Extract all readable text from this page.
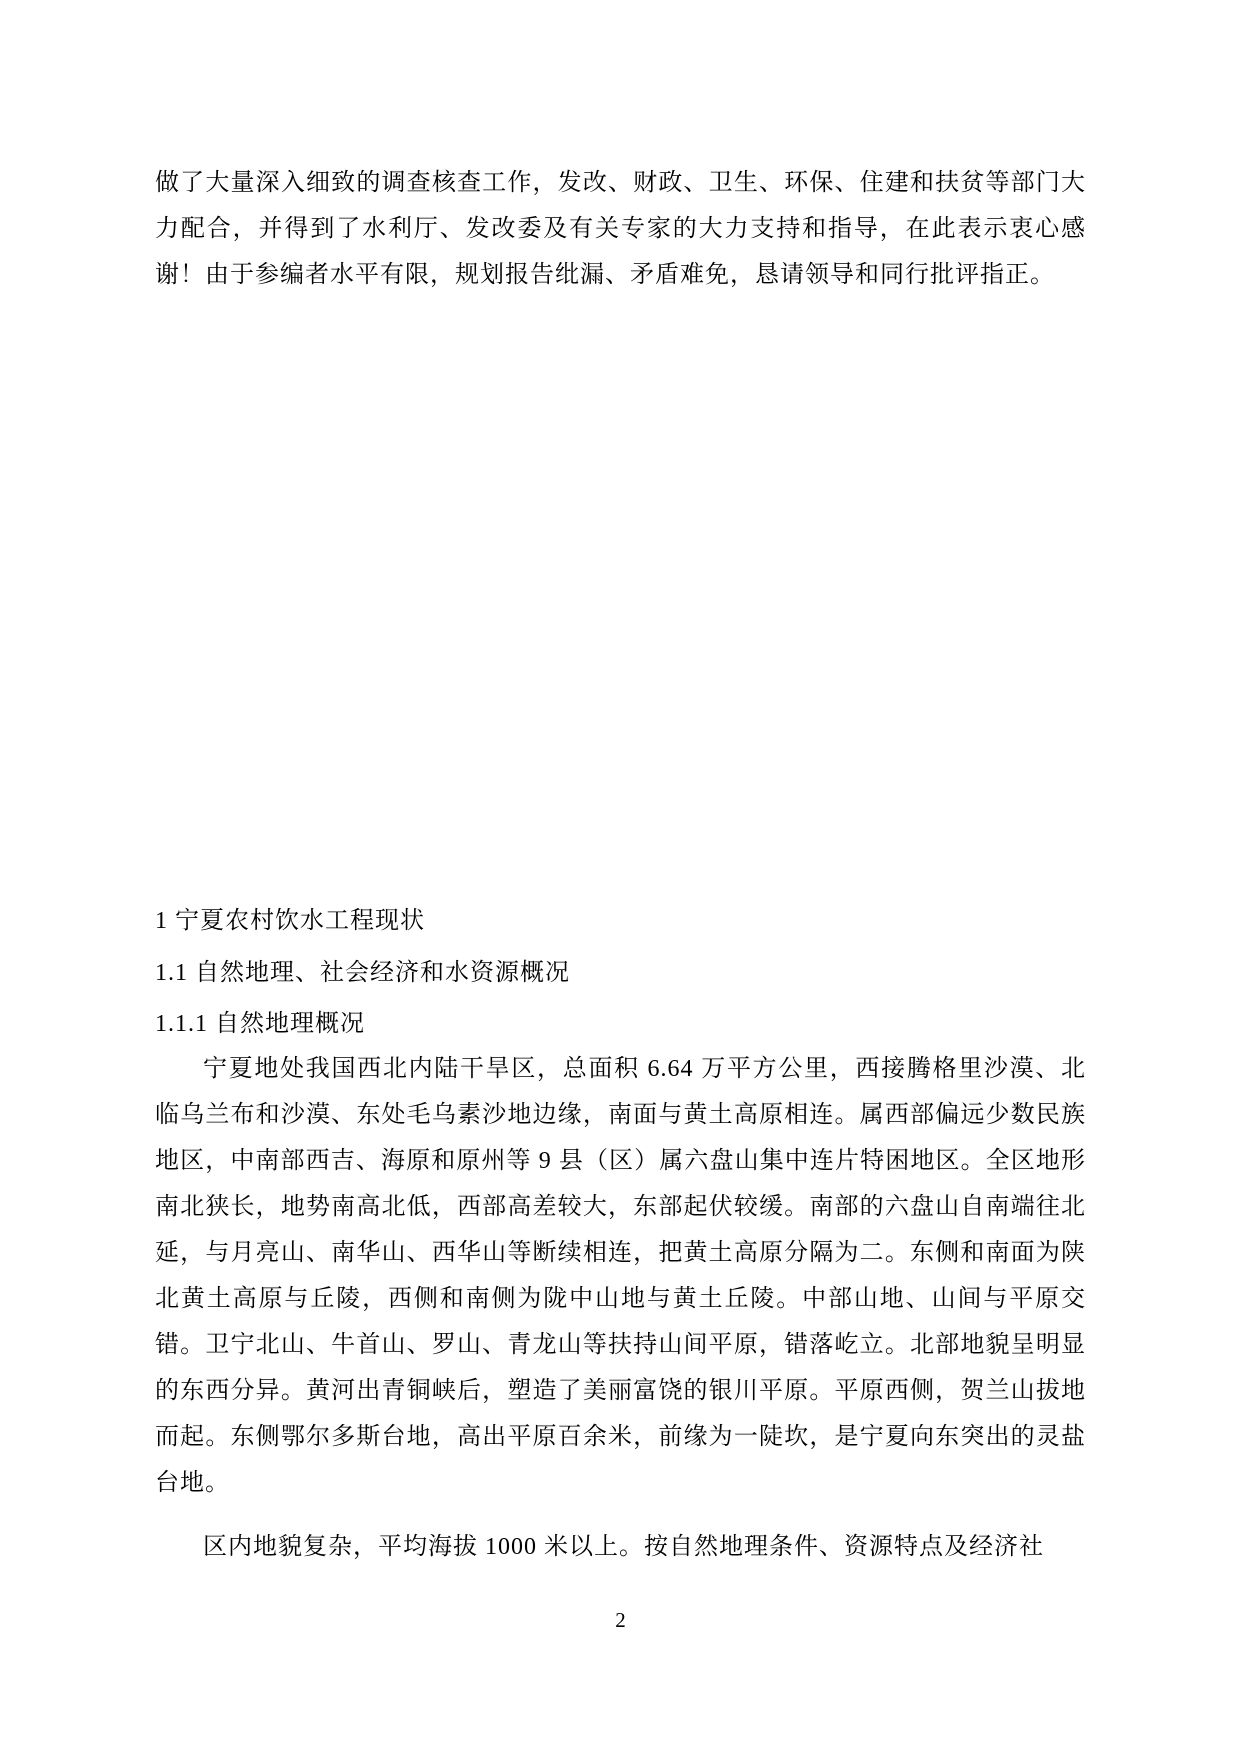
做了大量深入细致的调查核查工作，发改、财政、卫生、环保、住建和扶贫等部门大力配合，并得到了水利厅、发改委及有关专家的大力支持和指导，在此表示衷心感谢！由于参编者水平有限，规划报告纰漏、矛盾难免，恳请领导和同行批评指正。

1 宁夏农村饮水工程现状
1.1 自然地理、社会经济和水资源概况
1.1.1 自然地理概况

宁夏地处我国西北内陆干旱区，总面积 6.64 万平方公里，西接腾格里沙漠、北临乌兰布和沙漠、东处毛乌素沙地边缘，南面与黄土高原相连。属西部偏远少数民族地区，中南部西吉、海原和原州等 9 县（区）属六盘山集中连片特困地区。全区地形南北狭长，地势南高北低，西部高差较大，东部起伏较缓。南部的六盘山自南端往北延，与月亮山、南华山、西华山等断续相连，把黄土高原分隔为二。东侧和南面为陕北黄土高原与丘陵，西侧和南侧为陇中山地与黄土丘陵。中部山地、山间与平原交错。卫宁北山、牛首山、罗山、青龙山等扶持山间平原，错落屹立。北部地貌呈明显的东西分异。黄河出青铜峡后，塑造了美丽富饶的银川平原。平原西侧，贺兰山拔地而起。东侧鄂尔多斯台地，高出平原百余米，前缘为一陡坎，是宁夏向东突出的灵盐台地。

区内地貌复杂，平均海拔 1000 米以上。按自然地理条件、资源特点及经济社

2
